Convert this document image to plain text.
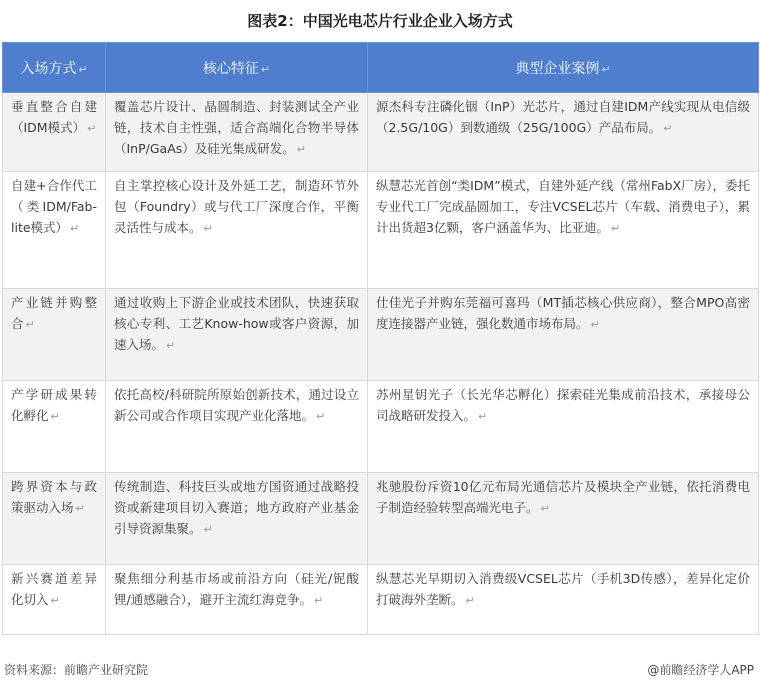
图表2：中国光电芯片行业企业入场方式
入场方式 ↵	核心特征 ↵	典型企业案例 ↵
垂直整合自建（IDM模式） ↵	覆盖芯片设计、晶圆制造、封装测试全产业链，技术自主性强，适合高端化合物半导体（InP/GaAs）及硅光集成研发。 ↵	源杰科专注磷化铟（InP）光芯片，通过自建IDM产线实现从电信级（2.5G/10G）到数通级（25G/100G）产品布局。 ↵
自建+合作代工（类IDM/Fab-lite模式） ↵	自主掌控核心设计及外延工艺，制造环节外包（Foundry）或与代工厂深度合作，平衡灵活性与成本。 ↵	纵慧芯光首创“类IDM”模式，自建外延产线（常州FabX厂房），委托专业代工厂完成晶圆加工，专注VCSEL芯片（车载、消费电子），累计出货超3亿颗，客户涵盖华为、比亚迪。 ↵
产业链并购整合 ↵	通过收购上下游企业或技术团队，快速获取核心专利、工艺Know-how或客户资源，加速入场。 ↵	仕佳光子并购东莞福可喜玛（MT插芯核心供应商），整合MPO高密度连接器产业链，强化数通市场布局。 ↵
产学研成果转化孵化 ↵	依托高校/科研院所原始创新技术，通过设立新公司或合作项目实现产业化落地。 ↵	苏州星钥光子（长光华芯孵化）探索硅光集成前沿技术，承接母公司战略研发投入。 ↵
跨界资本与政策驱动入场 ↵	传统制造、科技巨头或地方国资通过战略投资或新建项目切入赛道；地方政府产业基金引导资源集聚。 ↵	兆驰股份斥资10亿元布局光通信芯片及模块全产业链，依托消费电子制造经验转型高端光电子。 ↵
新兴赛道差异化切入 ↵	聚焦细分利基市场或前沿方向（硅光/铌酸锂/通感融合），避开主流红海竞争。 ↵	纵慧芯光早期切入消费级VCSEL芯片（手机3D传感），差异化定价打破海外垄断。 ↵
资料来源：前瞻产业研究院	@前瞻经济学人APP
